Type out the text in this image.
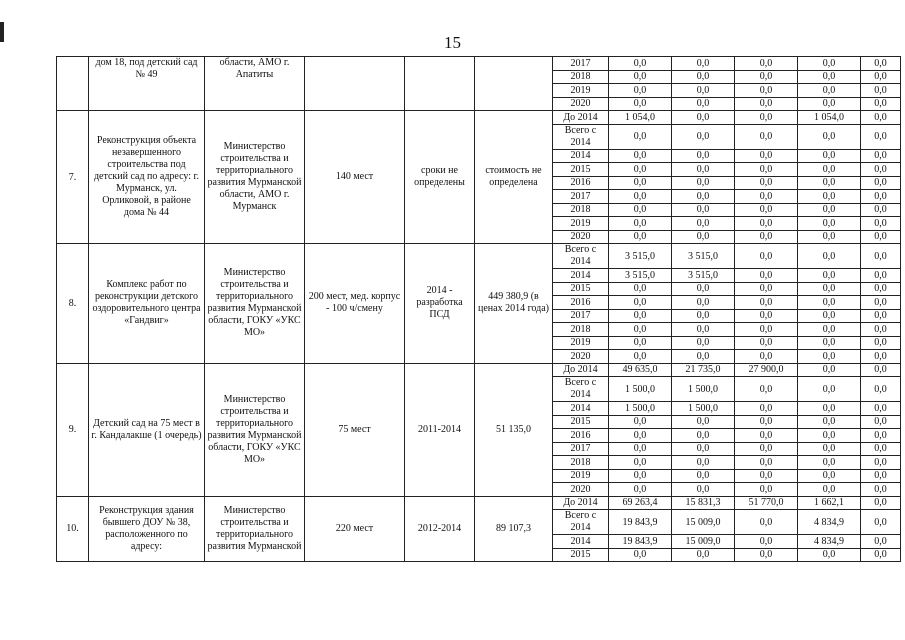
15
	дом 18, под детский сад № 49	области, АМО г. Апатиты				2017	0,0	0,0	0,0	0,0	0,0
						2018	0,0	0,0	0,0	0,0	0,0
						2019	0,0	0,0	0,0	0,0	0,0
						2020	0,0	0,0	0,0	0,0	0,0
7.	Реконструкция объекта незавершенного строительства под детский сад по адресу: г. Мурманск, ул. Орликовой, в районе дома № 44	Министерство строительства и территориального развития Мурманской области, АМО г. Мурманск	140 мест	сроки не определены	стоимость не определена	До 2014	1 054,0	0,0	0,0	1 054,0	0,0
						Всего с 2014	0,0	0,0	0,0	0,0	0,0
						2014	0,0	0,0	0,0	0,0	0,0
						2015	0,0	0,0	0,0	0,0	0,0
						2016	0,0	0,0	0,0	0,0	0,0
						2017	0,0	0,0	0,0	0,0	0,0
						2018	0,0	0,0	0,0	0,0	0,0
						2019	0,0	0,0	0,0	0,0	0,0
						2020	0,0	0,0	0,0	0,0	0,0
8.	Комплекс работ по реконструкции детского оздоровительного центра «Гандвиг»	Министерство строительства и территориального развития Мурманской области, ГОКУ «УКС МО»	200 мест, мед. корпус - 100 ч/смену	2014 - разработка ПСД	449 380,9 (в ценах 2014 года)	Всего с 2014	3 515,0	3 515,0	0,0	0,0	0,0
						2014	3 515,0	3 515,0	0,0	0,0	0,0
						2015	0,0	0,0	0,0	0,0	0,0
						2016	0,0	0,0	0,0	0,0	0,0
						2017	0,0	0,0	0,0	0,0	0,0
						2018	0,0	0,0	0,0	0,0	0,0
						2019	0,0	0,0	0,0	0,0	0,0
						2020	0,0	0,0	0,0	0,0	0,0
9.	Детский сад на 75 мест в г. Кандалакше (1 очередь)	Министерство строительства и территориального развития Мурманской области, ГОКУ «УКС МО»	75 мест	2011-2014	51 135,0	До 2014	49 635,0	21 735,0	27 900,0	0,0	0,0
						Всего с 2014	1 500,0	1 500,0	0,0	0,0	0,0
						2014	1 500,0	1 500,0	0,0	0,0	0,0
						2015	0,0	0,0	0,0	0,0	0,0
						2016	0,0	0,0	0,0	0,0	0,0
						2017	0,0	0,0	0,0	0,0	0,0
						2018	0,0	0,0	0,0	0,0	0,0
						2019	0,0	0,0	0,0	0,0	0,0
						2020	0,0	0,0	0,0	0,0	0,0
10.	Реконструкция здания бывшего ДОУ № 38, расположенного по адресу:	Министерство строительства и территориального развития Мурманской	220 мест	2012-2014	89 107,3	До 2014	69 263,4	15 831,3	51 770,0	1 662,1	0,0
						Всего с 2014	19 843,9	15 009,0	0,0	4 834,9	0,0
						2014	19 843,9	15 009,0	0,0	4 834,9	0,0
						2015	0,0	0,0	0,0	0,0	0,0
